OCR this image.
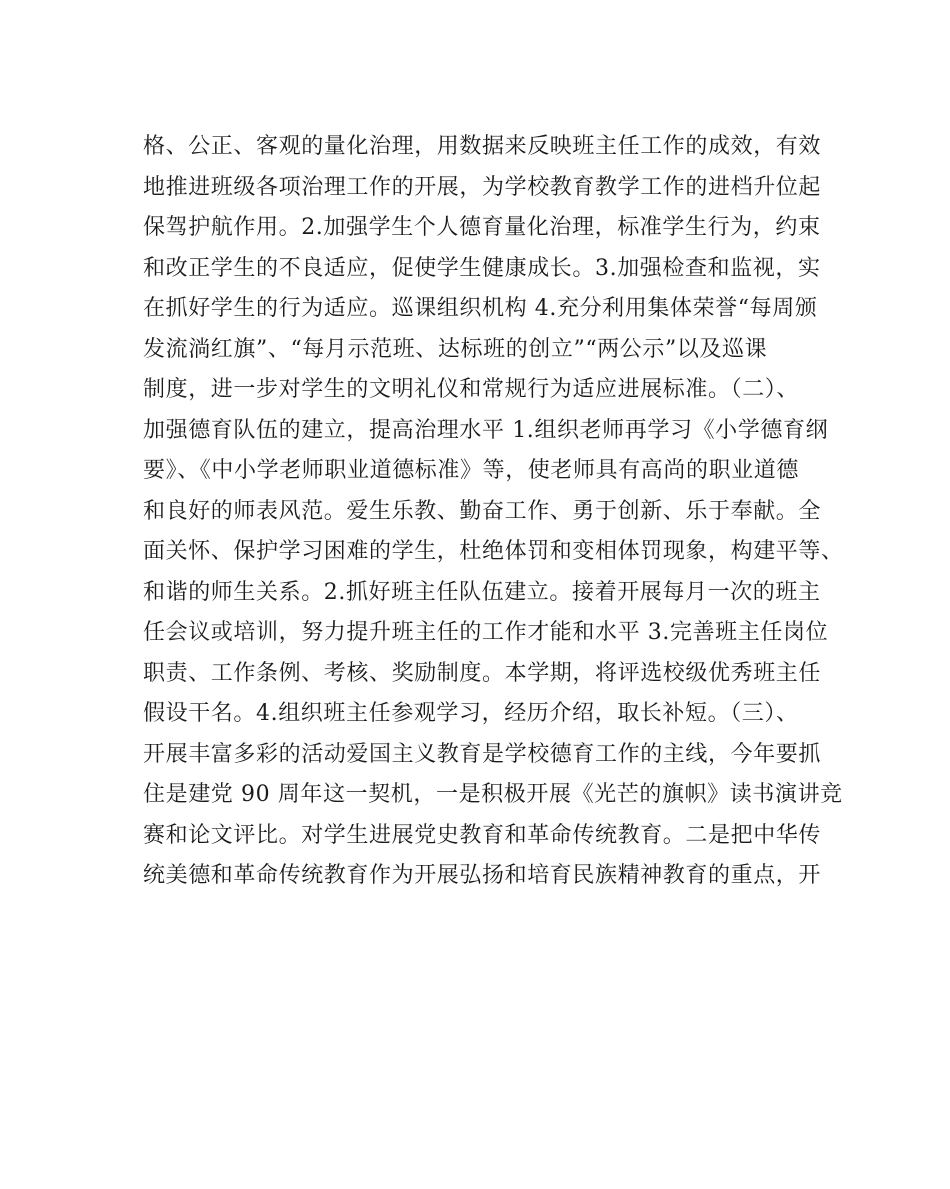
格、公正、客观的量化治理，用数据来反映班主任工作的成效，有效
地推进班级各项治理工作的开展，为学校教育教学工作的进档升位起
保驾护航作用。2.加强学生个人德育量化治理，标准学生行为，约束
和改正学生的不良适应，促使学生健康成长。3.加强检查和监视，实
在抓好学生的行为适应。巡课组织机构 4.充分利用集体荣誉“每周颁
发流淌红旗”、“每月示范班、达标班的创立”“两公示”以及巡课
制度，进一步对学生的文明礼仪和常规行为适应进展标准。（二）、
加强德育队伍的建立，提高治理水平 1.组织老师再学习《小学德育纲
要》、《中小学老师职业道德标准》等，使老师具有高尚的职业道德
和良好的师表风范。爱生乐教、勤奋工作、勇于创新、乐于奉献。全
面关怀、保护学习困难的学生，杜绝体罚和变相体罚现象，构建平等、
和谐的师生关系。2.抓好班主任队伍建立。接着开展每月一次的班主
任会议或培训，努力提升班主任的工作才能和水平 3.完善班主任岗位
职责、工作条例、考核、奖励制度。本学期，将评选校级优秀班主任
假设干名。4.组织班主任参观学习，经历介绍，取长补短。（三）、
开展丰富多彩的活动爱国主义教育是学校德育工作的主线，今年要抓
住是建党 90 周年这一契机，一是积极开展《光芒的旗帜》读书演讲竞
赛和论文评比。对学生进展党史教育和革命传统教育。二是把中华传
统美德和革命传统教育作为开展弘扬和培育民族精神教育的重点，开
